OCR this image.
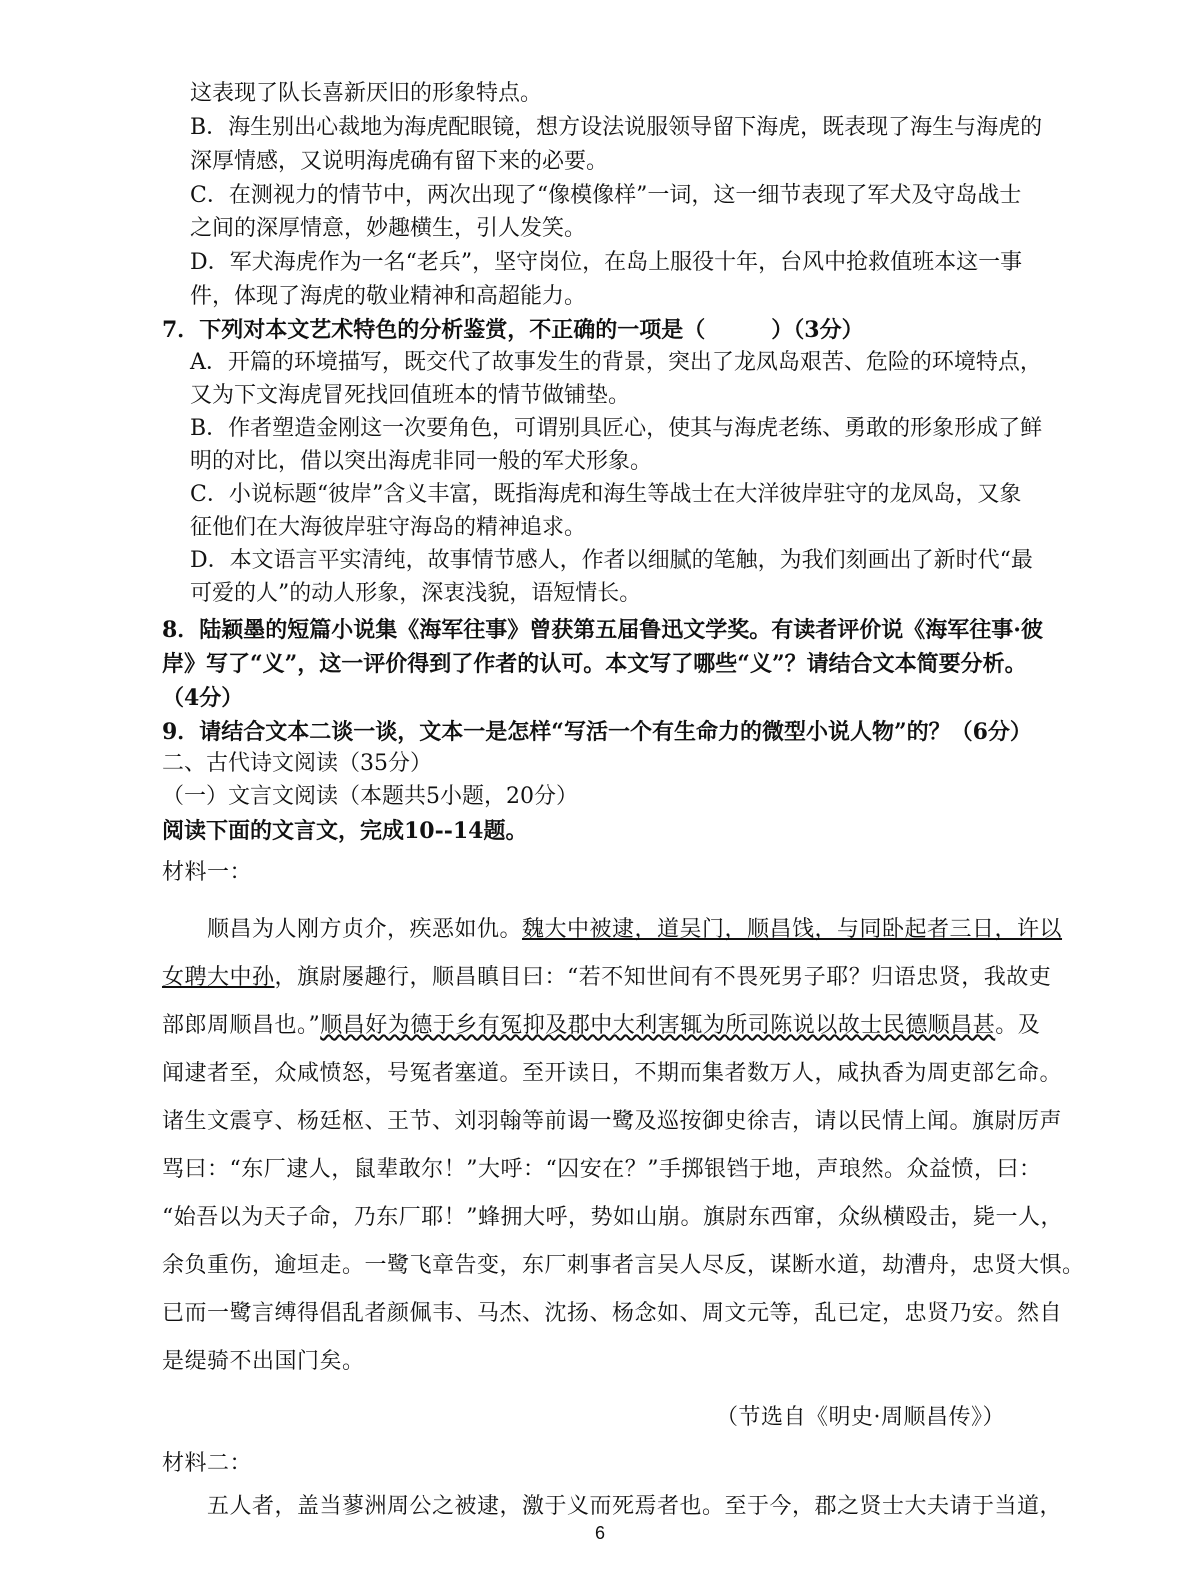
这表现了队长喜新厌旧的形象特点。
B．海生别出心裁地为海虎配眼镜，想方设法说服领导留下海虎，既表现了海生与海虎的
深厚情感，又说明海虎确有留下来的必要。
C．在测视力的情节中，两次出现了“像模像样”一词，这一细节表现了军犬及守岛战士
之间的深厚情意，妙趣横生，引人发笑。
D．军犬海虎作为一名“老兵”，坚守岗位，在岛上服役十年，台风中抢救值班本这一事
件，体现了海虎的敬业精神和高超能力。
7．下列对本文艺术特色的分析鉴赏，不正确的一项是（　　　）（3分）
A．开篇的环境描写，既交代了故事发生的背景，突出了龙凤岛艰苦、危险的环境特点，
又为下文海虎冒死找回值班本的情节做铺垫。
B．作者塑造金刚这一次要角色，可谓别具匠心，使其与海虎老练、勇敢的形象形成了鲜
明的对比，借以突出海虎非同一般的军犬形象。
C．小说标题“彼岸”含义丰富，既指海虎和海生等战士在大洋彼岸驻守的龙凤岛，又象
征他们在大海彼岸驻守海岛的精神追求。
D．本文语言平实清纯，故事情节感人，作者以细腻的笔触，为我们刻画出了新时代“最
可爱的人”的动人形象，深衷浅貌，语短情长。
8．陆颖墨的短篇小说集《海军往事》曾获第五届鲁迅文学奖。有读者评价说《海军往事·彼
岸》写了“义”，这一评价得到了作者的认可。本文写了哪些“义”？请结合文本简要分析。
（4分）
9．请结合文本二谈一谈，文本一是怎样“写活一个有生命力的微型小说人物”的？（6分）
二、古代诗文阅读（35分）
（一）文言文阅读（本题共5小题，20分）
阅读下面的文言文，完成10--14题。
材料一：
　　顺昌为人刚方贞介，疾恶如仇。魏大中被逮，道吴门，顺昌饯，与同卧起者三日，许以
女聘大中孙，旗尉屡趣行，顺昌瞋目曰：“若不知世间有不畏死男子耶？归语忠贤，我故吏
部郎周顺昌也。”顺昌好为德于乡有冤抑及郡中大利害辄为所司陈说以故士民德顺昌甚。及
闻逮者至，众咸愤怒，号冤者塞道。至开读日，不期而集者数万人，咸执香为周吏部乞命。
诸生文震亨、杨廷枢、王节、刘羽翰等前谒一鹭及巡按御史徐吉，请以民情上闻。旗尉厉声
骂曰：“东厂逮人，鼠辈敢尔！”大呼：“囚安在？”手掷银铛于地，声琅然。众益愤，曰：
“始吾以为天子命，乃东厂耶！”蜂拥大呼，势如山崩。旗尉东西窜，众纵横殴击，毙一人，
余负重伤，逾垣走。一鹭飞章告变，东厂刺事者言吴人尽反，谋断水道，劫漕舟，忠贤大惧。
已而一鹭言缚得倡乱者颜佩韦、马杰、沈扬、杨念如、周文元等，乱已定，忠贤乃安。然自
是缇骑不出国门矣。
（节选自《明史·周顺昌传》）
材料二：
　　五人者，盖当蓼洲周公之被逮，激于义而死焉者也。至于今，郡之贤士大夫请于当道，
6
